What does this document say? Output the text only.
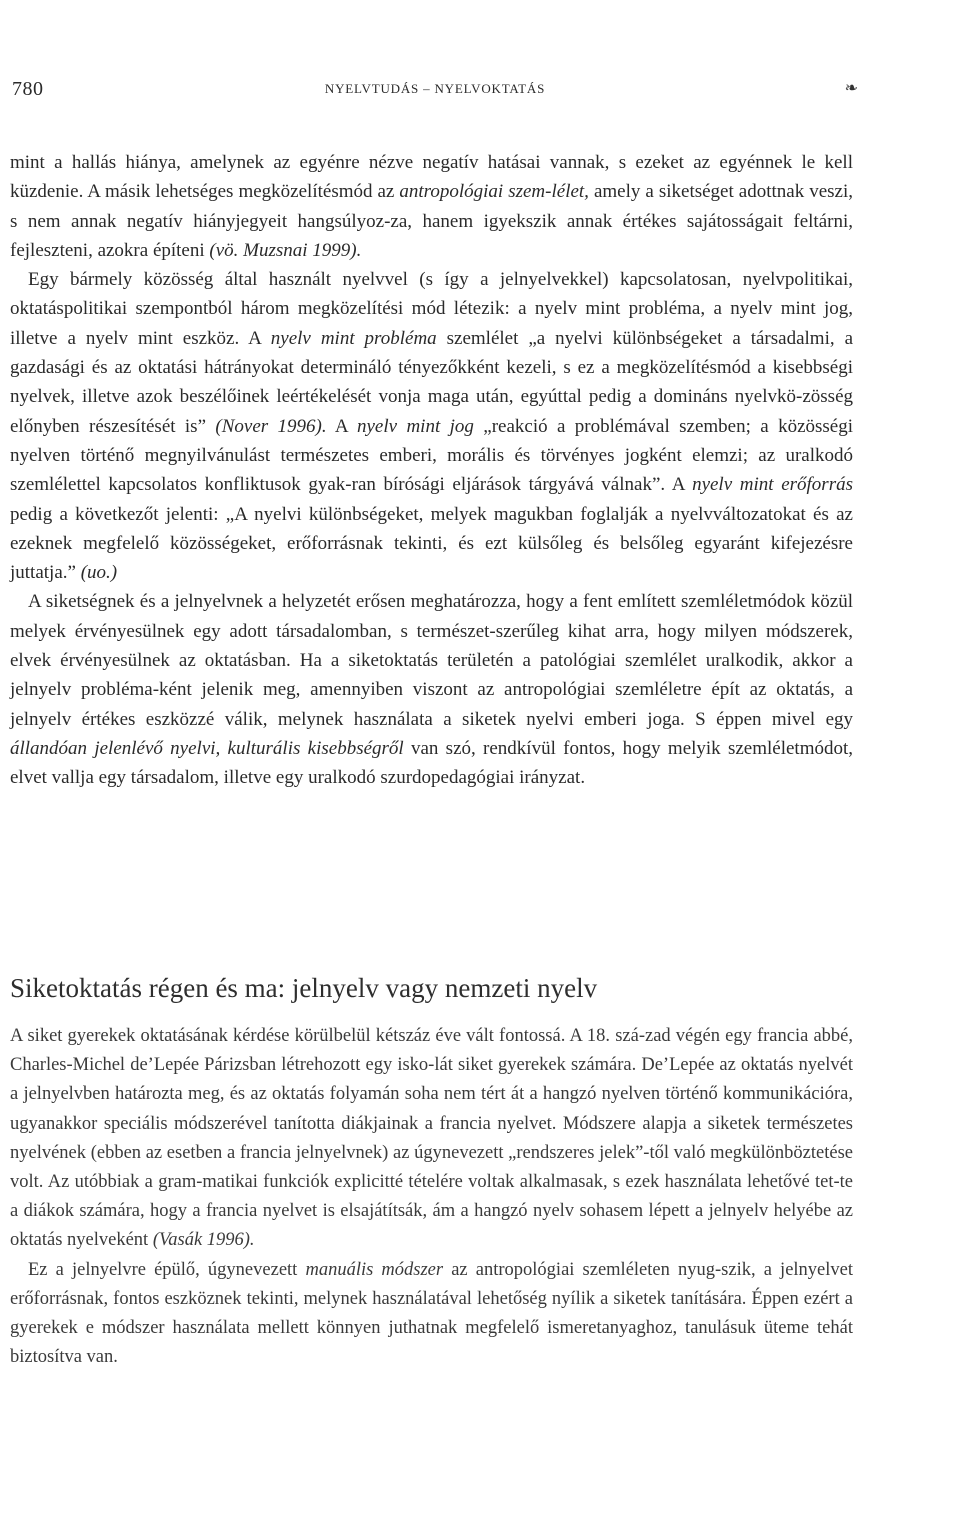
780	NYELVTUDÁS – NYELVOKTATÁS	❧

mint a hallás hiánya, amelynek az egyénre nézve negatív hatásai vannak, s ezeket az egyénnek le kell küzdenie. A másik lehetséges megközelítésmód az antropológiai szem-lélet, amely a siketséget adottnak veszi, s nem annak negatív hiányjegyeit hangsúlyoz-za, hanem igyekszik annak értékes sajátosságait feltárni, fejleszteni, azokra építeni (vö. Muzsnai 1999).

Egy bármely közösség által használt nyelvvel (s így a jelnyelvekkel) kapcsolatosan, nyelvpolitikai, oktatáspolitikai szempontból három megközelítési mód létezik: a nyelv mint probléma, a nyelv mint jog, illetve a nyelv mint eszköz. A nyelv mint probléma szemlélet „a nyelvi különbségeket a társadalmi, a gazdasági és az oktatási hátrányokat determináló tényezőkként kezeli, s ez a megközelítésmód a kisebbségi nyelvek, illetve azok beszélőinek leértékelését vonja maga után, egyúttal pedig a domináns nyelvkö-zösség előnyben részesítését is” (Nover 1996). A nyelv mint jog „reakció a problémával szemben; a közösségi nyelven történő megnyilvánulást természetes emberi, morális és törvényes jogként elemzi; az uralkodó szemlélettel kapcsolatos konfliktusok gyak-ran bírósági eljárások tárgyává válnak”. A nyelv mint erőforrás pedig a következőt jelenti: „A nyelvi különbségeket, melyek magukban foglalják a nyelvváltozatokat és az ezeknek megfelelő közösségeket, erőforrásnak tekinti, és ezt külsőleg és belsőleg egyaránt kifejezésre juttatja.” (uo.)

A siketségnek és a jelnyelvnek a helyzetét erősen meghatározza, hogy a fent említett szemléletmódok közül melyek érvényesülnek egy adott társadalomban, s természet-szerűleg kihat arra, hogy milyen módszerek, elvek érvényesülnek az oktatásban. Ha a siketoktatás területén a patológiai szemlélet uralkodik, akkor a jelnyelv probléma-ként jelenik meg, amennyiben viszont az antropológiai szemléletre épít az oktatás, a jelnyelv értékes eszközzé válik, melynek használata a siketek nyelvi emberi joga. S éppen mivel egy állandóan jelenlévő nyelvi, kulturális kisebbségről van szó, rendkívül fontos, hogy melyik szemléletmódot, elvet vallja egy társadalom, illetve egy uralkodó szurdopedagógiai irányzat.

Siketoktatás régen és ma: jelnyelv vagy nemzeti nyelv

A siket gyerekek oktatásának kérdése körülbelül kétszáz éve vált fontossá. A 18. szá-zad végén egy francia abbé, Charles-Michel de’Lepée Párizsban létrehozott egy isko-lát siket gyerekek számára. De’Lepée az oktatás nyelvét a jelnyelvben határozta meg, és az oktatás folyamán soha nem tért át a hangzó nyelven történő kommunikációra, ugyanakkor speciális módszerével tanította diákjainak a francia nyelvet. Módszere alapja a siketek természetes nyelvének (ebben az esetben a francia jelnyelvnek) az úgynevezett „rendszeres jelek”-től való megkülönböztetése volt. Az utóbbiak a gram-matikai funkciók explicitté tételére voltak alkalmasak, s ezek használata lehetővé tet-te a diákok számára, hogy a francia nyelvet is elsajátítsák, ám a hangzó nyelv sohasem lépett a jelnyelv helyébe az oktatás nyelveként (Vasák 1996).

Ez a jelnyelvre épülő, úgynevezett manuális módszer az antropológiai szemléleten nyug-szik, a jelnyelvet erőforrásnak, fontos eszköznek tekinti, melynek használatával lehetőség nyílik a siketek tanítására. Éppen ezért a gyerekek e módszer használata mellett könnyen juthatnak megfelelő ismeretanyaghoz, tanulásuk üteme tehát biztosítva van.
